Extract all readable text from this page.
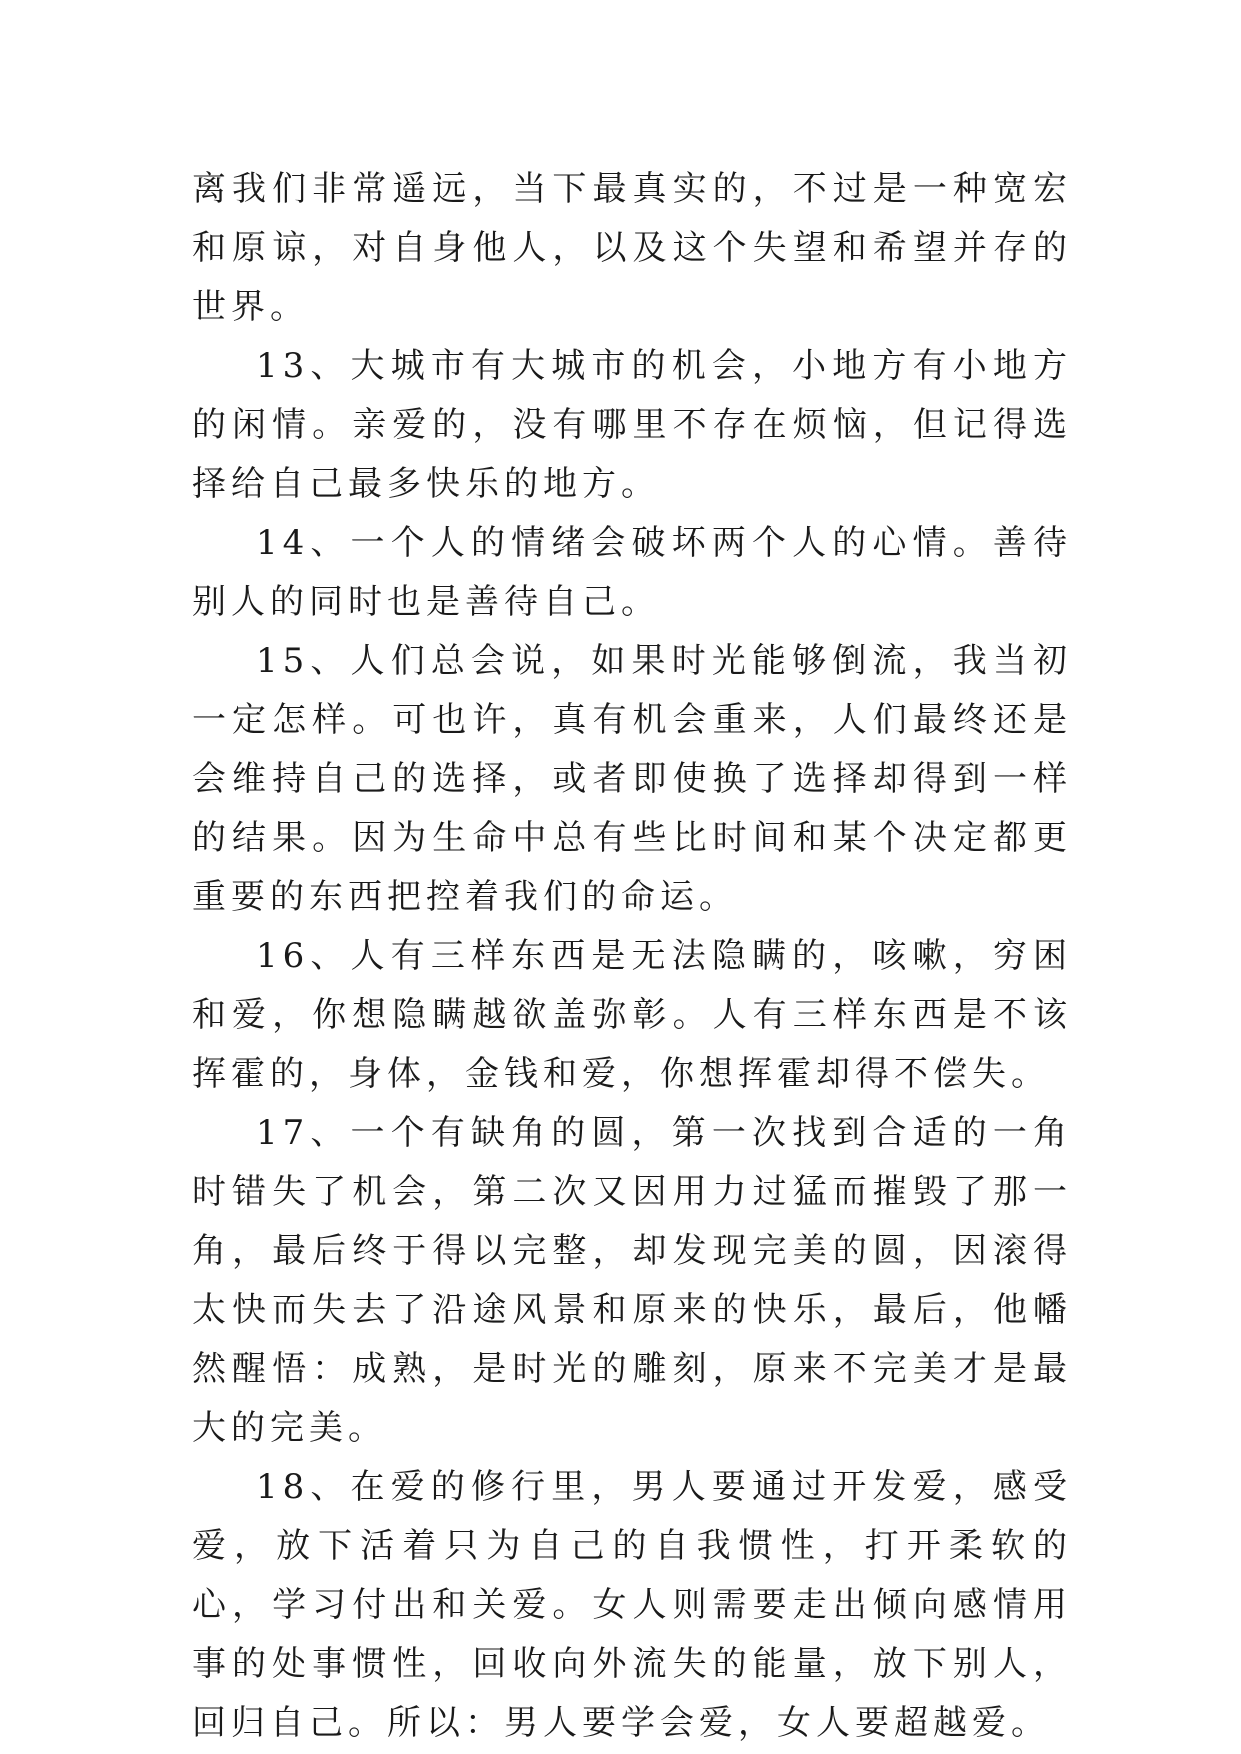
离我们非常遥远，当下最真实的，不过是一种宽宏和原谅，对自身他人，以及这个失望和希望并存的世界。

13、大城市有大城市的机会，小地方有小地方的闲情。亲爱的，没有哪里不存在烦恼，但记得选择给自己最多快乐的地方。

14、一个人的情绪会破坏两个人的心情。善待别人的同时也是善待自己。

15、人们总会说，如果时光能够倒流，我当初一定怎样。可也许，真有机会重来，人们最终还是会维持自己的选择，或者即使换了选择却得到一样的结果。因为生命中总有些比时间和某个决定都更重要的东西把控着我们的命运。

16、人有三样东西是无法隐瞒的，咳嗽，穷困和爱，你想隐瞒越欲盖弥彰。人有三样东西是不该挥霍的，身体，金钱和爱，你想挥霍却得不偿失。

17、一个有缺角的圆，第一次找到合适的一角时错失了机会，第二次又因用力过猛而摧毁了那一角，最后终于得以完整，却发现完美的圆，因滚得太快而失去了沿途风景和原来的快乐，最后，他幡然醒悟：成熟，是时光的雕刻，原来不完美才是最大的完美。

18、在爱的修行里，男人要通过开发爱，感受爱，放下活着只为自己的自我惯性，打开柔软的心，学习付出和关爱。女人则需要走出倾向感情用事的处事惯性，回收向外流失的能量，放下别人，回归自己。所以：男人要学会爱，女人要超越爱。
